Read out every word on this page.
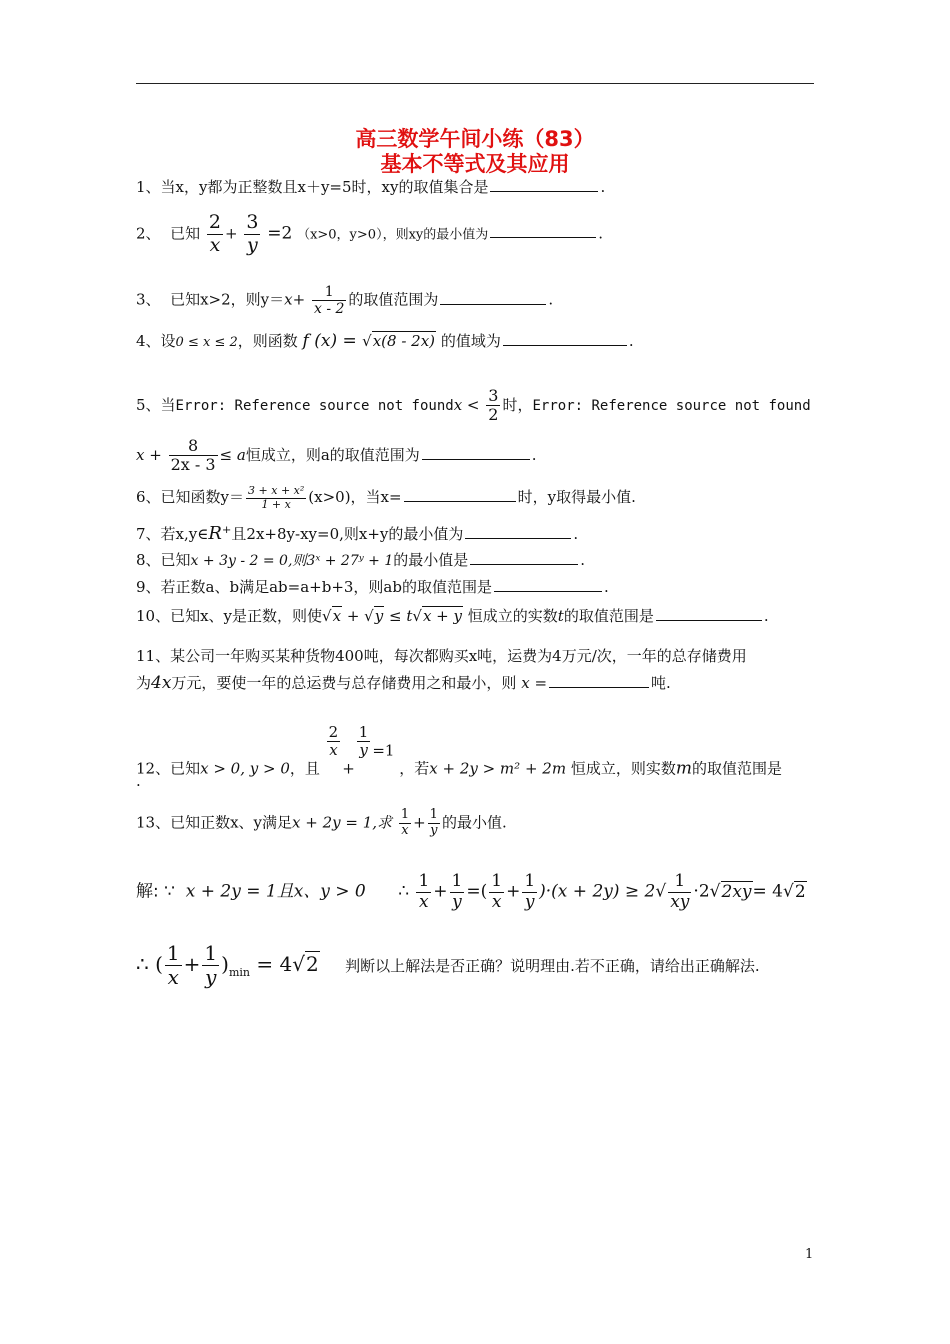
高三数学午间小练（83）
基本不等式及其应用
1、当x，y都为正整数且x＋y=5时，xy的取值集合是	.
2、 已知 $\frac{2}{x} + \frac{3}{y} =2$ （x>0，y>0），则xy的最小值为	.
3、 已知x>2，则$y=x+ \frac{1}{x - 2}$ 的取值范围为	.
4、设0 ≤ x ≤ 2，则函数 f (x) = √x(8 - 2x) 的值域为	.
5、当Error: Reference source not foundx < $\frac{3}{2}$ 时，Error: Reference source not found
$x + \frac{8}{2x - 3} \le a$恒成立，则a的取值范围为	.
6、已知函数$y= \frac{\text{3 + x + x²}}{1 + x} (x>0)$，当x=	时，y取得最小值.
7、若x,y∈R⁺且2x+8y-xy=0,则x+y的最小值为	.
8、已知x + 3y - 2 = 0,则3ˣ + 27ʸ + 1的最小值是	.
9、若正数a、b满足ab=a+b+3，则ab的取值范围是	.
10、已知x、y是正数，则使√x + √y ≤ t√x + y 恒成立的实数t的取值范围是	.
11、某公司一年购买某种货物400吨，每次都购买x吨，运费为4万元/次，一年的总存储费用
为4x万元，要使一年的总运费与总存储费用之和最小，则 x =	吨.
12、已知x > 0, y > 0，且
$\frac{2}{x}$
+
$\frac{1}{y} =1$ ，若x + 2y > m² + 2m 恒成立，则实数m的取值范围是
.
13、已知正数x、y满足x + 2y = 1,求 $\frac{1}{x} + \frac{1}{y}$ 的最小值.
解: ∵ x + 2y = 1且x、y > 0 ∴ $\frac{1}{x} + \frac{1}{y}$ =( $\frac{1}{x} + \frac{1}{y} )\cdot(x + 2y) \ge 2√ \frac{1}{xy} \cdot 2√2xy= 4√2$
∴ ( $\frac{1}{x} + \frac{1}{y} )_{min} = 4√2$ 判断以上解法是否正确？说明理由.若不正确，请给出正确解法.
1
